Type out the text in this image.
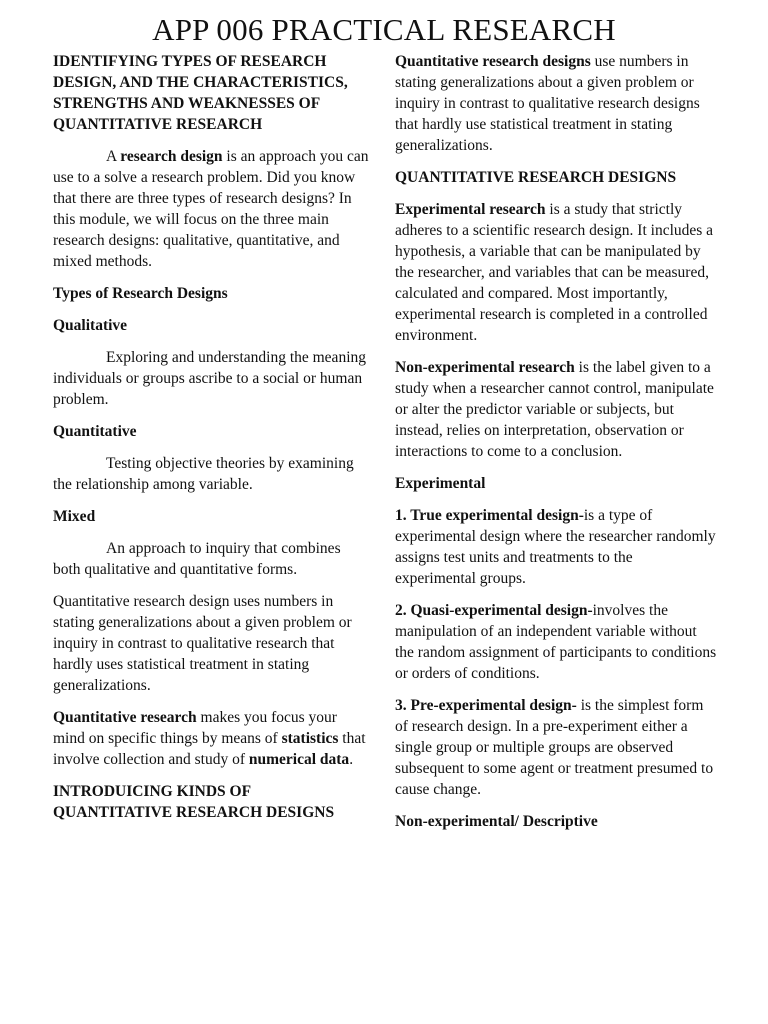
APP 006 PRACTICAL RESEARCH

IDENTIFYING TYPES OF RESEARCH DESIGN, AND THE CHARACTERISTICS, STRENGTHS AND WEAKNESSES OF QUANTITATIVE RESEARCH

A research design is an approach you can use to a solve a research problem. Did you know that there are three types of research designs? In this module, we will focus on the three main research designs: qualitative, quantitative, and mixed methods.

Types of Research Designs

Qualitative

Exploring and understanding the meaning individuals or groups ascribe to a social or human problem.

Quantitative

Testing objective theories by examining the relationship among variable.

Mixed

An approach to inquiry that combines both qualitative and quantitative forms.

Quantitative research design uses numbers in stating generalizations about a given problem or inquiry in contrast to qualitative research that hardly uses statistical treatment in stating generalizations.

Quantitative research makes you focus your mind on specific things by means of statistics that involve collection and study of numerical data.

INTRODUICING KINDS OF QUANTITATIVE RESEARCH DESIGNS

Quantitative research designs use numbers in stating generalizations about a given problem or inquiry in contrast to qualitative research designs that hardly use statistical treatment in stating generalizations.

QUANTITATIVE RESEARCH DESIGNS

Experimental research is a study that strictly adheres to a scientific research design. It includes a hypothesis, a variable that can be manipulated by the researcher, and variables that can be measured, calculated and compared. Most importantly, experimental research is completed in a controlled environment.

Non-experimental research is the label given to a study when a researcher cannot control, manipulate or alter the predictor variable or subjects, but instead, relies on interpretation, observation or interactions to come to a conclusion.

Experimental

1. True experimental design-is a type of experimental design where the researcher randomly assigns test units and treatments to the experimental groups.

2. Quasi-experimental design-involves the manipulation of an independent variable without the random assignment of participants to conditions or orders of conditions.

3. Pre-experimental design- is the simplest form of research design. In a pre-experiment either a single group or multiple groups are observed subsequent to some agent or treatment presumed to cause change.

Non-experimental/ Descriptive
